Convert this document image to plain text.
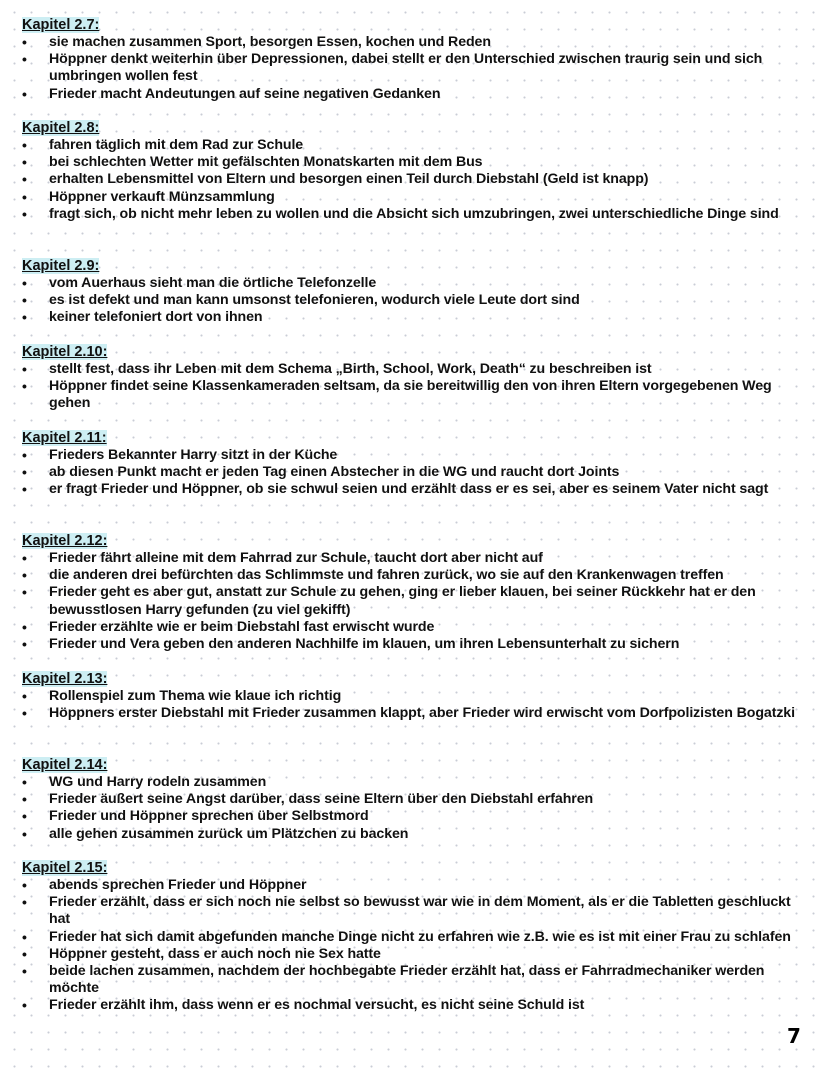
Kapitel 2.7:
• sie machen zusammen Sport, besorgen Essen, kochen und Reden
• Höppner denkt weiterhin über Depressionen, dabei stellt er den Unterschied zwischen traurig sein und sich umbringen wollen fest
• Frieder macht Andeutungen auf seine negativen Gedanken
Kapitel 2.8:
• fahren täglich mit dem Rad zur Schule
• bei schlechten Wetter mit gefälschten Monatskarten mit dem Bus
• erhalten Lebensmittel von Eltern und besorgen einen Teil durch Diebstahl (Geld ist knapp)
• Höppner verkauft Münzsammlung
• fragt sich, ob nicht mehr leben zu wollen und die Absicht sich umzubringen, zwei unterschiedliche Dinge sind
Kapitel 2.9:
• vom Auerhaus sieht man die örtliche Telefonzelle
• es ist defekt und man kann umsonst telefonieren, wodurch viele Leute dort sind
• keiner telefoniert dort von ihnen
Kapitel 2.10:
• stellt fest, dass ihr Leben mit dem Schema „Birth, School, Work, Death“ zu beschreiben ist
• Höppner findet seine Klassenkameraden seltsam, da sie bereitwillig den von ihren Eltern vorgegebenen Weg gehen
Kapitel 2.11:
• Frieders Bekannter Harry sitzt in der Küche
• ab diesen Punkt macht er jeden Tag einen Abstecher in die WG und raucht dort Joints
• er fragt Frieder und Höppner, ob sie schwul seien und erzählt dass er es sei, aber es seinem Vater nicht sagt
Kapitel 2.12:
• Frieder fährt alleine mit dem Fahrrad zur Schule, taucht dort aber nicht auf
• die anderen drei befürchten das Schlimmste und fahren zurück, wo sie auf den Krankenwagen treffen
• Frieder geht es aber gut, anstatt zur Schule zu gehen, ging er lieber klauen, bei seiner Rückkehr hat er den bewusstlosen Harry gefunden (zu viel gekifft)
• Frieder erzählte wie er beim Diebstahl fast erwischt wurde
• Frieder und Vera geben den anderen Nachhilfe im klauen, um ihren Lebensunterhalt zu sichern
Kapitel 2.13:
• Rollenspiel zum Thema wie klaue ich richtig
• Höppners erster Diebstahl mit Frieder zusammen klappt, aber Frieder wird erwischt vom Dorfpolizisten Bogatzki
Kapitel 2.14:
• WG und Harry rodeln zusammen
• Frieder äußert seine Angst darüber, dass seine Eltern über den Diebstahl erfahren
• Frieder und Höppner sprechen über Selbstmord
• alle gehen zusammen zurück um Plätzchen zu backen
Kapitel 2.15:
• abends sprechen Frieder und Höppner
• Frieder erzählt, dass er sich noch nie selbst so bewusst war wie in dem Moment, als er die Tabletten geschluckt hat
• Frieder hat sich damit abgefunden manche Dinge nicht zu erfahren wie z.B. wie es ist mit einer Frau zu schlafen
• Höppner gesteht, dass er auch noch nie Sex hatte
• beide lachen zusammen, nachdem der hochbegabte Frieder erzählt hat, dass er Fahrradmechaniker werden möchte
• Frieder erzählt ihm, dass wenn er es nochmal versucht, es nicht seine Schuld ist
7
